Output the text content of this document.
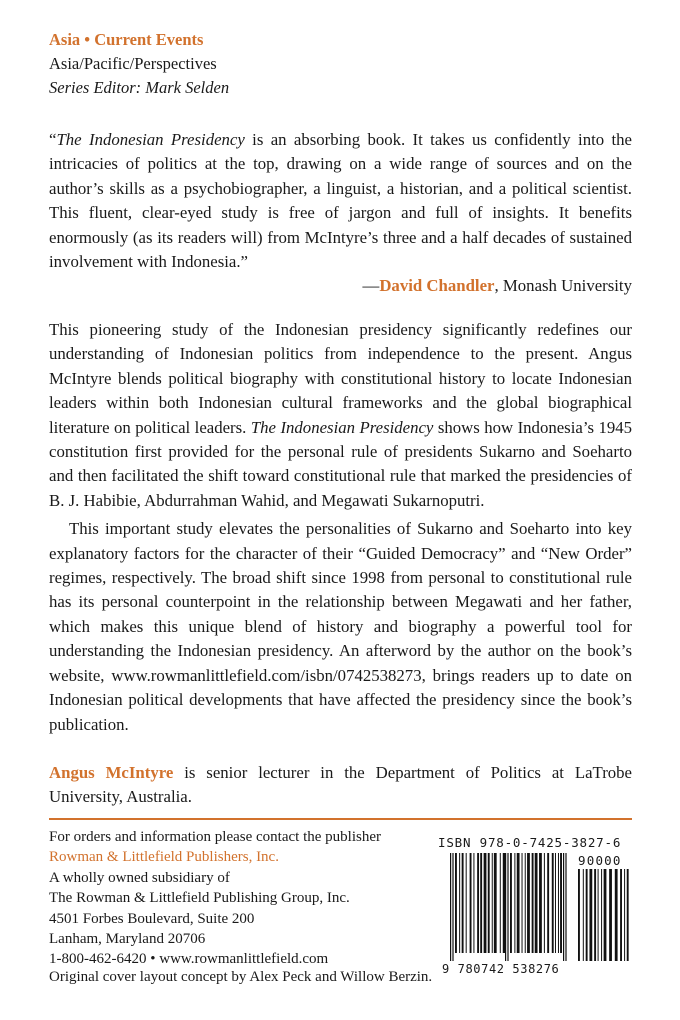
Asia • Current Events
Asia/Pacific/Perspectives
Series Editor: Mark Selden

“The Indonesian Presidency is an absorbing book. It takes us confidently into the intricacies of politics at the top, drawing on a wide range of sources and on the author’s skills as a psychobiographer, a linguist, a historian, and a political scientist. This fluent, clear-eyed study is free of jargon and full of insights. It benefits enormously (as its readers will) from McIntyre’s three and a half decades of sustained involvement with Indonesia.”

—David Chandler, Monash University

This pioneering study of the Indonesian presidency significantly redefines our understanding of Indonesian politics from independence to the present. Angus McIntyre blends political biography with constitutional history to locate Indonesian leaders within both Indonesian cultural frameworks and the global biographical literature on political leaders. The Indonesian Presidency shows how Indonesia’s 1945 constitution first provided for the personal rule of presidents Sukarno and Soeharto and then facilitated the shift toward constitutional rule that marked the presidencies of B. J. Habibie, Abdurrahman Wahid, and Megawati Sukarnoputri.

This important study elevates the personalities of Sukarno and Soeharto into key explanatory factors for the character of their “Guided Democracy” and “New Order” regimes, respectively. The broad shift since 1998 from personal to constitutional rule has its personal counterpoint in the relationship between Megawati and her father, which makes this unique blend of history and biography a powerful tool for understanding the Indonesian presidency. An afterword by the author on the book’s website, www.rowmanlittlefield.com/isbn/0742538273, brings readers up to date on Indonesian political developments that have affected the presidency since the book’s publication.

Angus McIntyre is senior lecturer in the Department of Politics at LaTrobe University, Australia.

For orders and information please contact the publisher
Rowman & Littlefield Publishers, Inc.
A wholly owned subsidiary of
The Rowman & Littlefield Publishing Group, Inc.
4501 Forbes Boulevard, Suite 200
Lanham, Maryland 20706
1-800-462-6420 • www.rowmanlittlefield.com
ISBN 978-0-7425-3827-6
90000
9 780742 538276
Original cover layout concept by Alex Peck and Willow Berzin.
